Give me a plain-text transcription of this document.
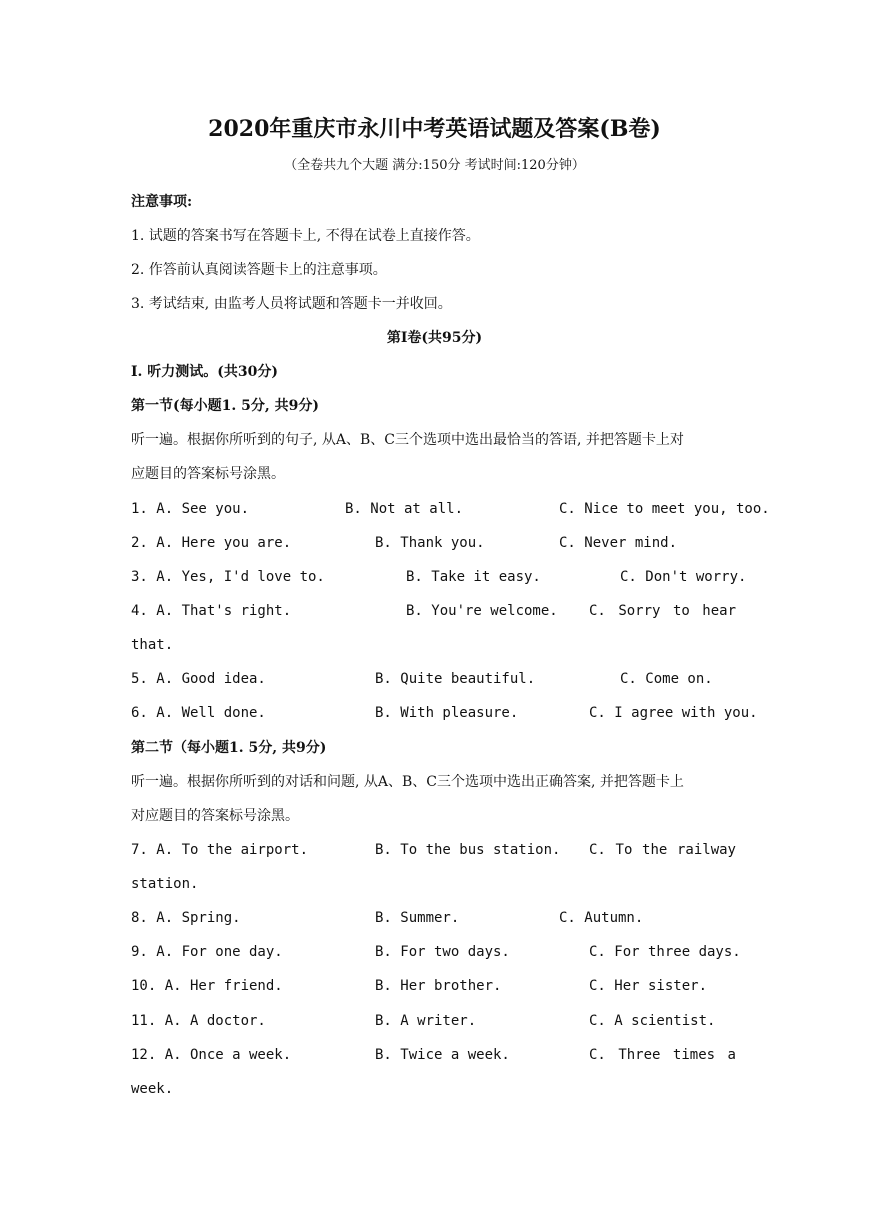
2020年重庆市永川中考英语试题及答案(B卷)
（全卷共九个大题 满分:150分 考试时间:120分钟）
注意事项:
1. 试题的答案书写在答题卡上, 不得在试卷上直接作答。
2. 作答前认真阅读答题卡上的注意事项。
3. 考试结束, 由监考人员将试题和答题卡一并收回。
第Ⅰ卷(共95分)
I. 听力测试。(共30分)
第一节(每小题1. 5分, 共9分)
听一遍。根据你所听到的句子, 从A、B、C三个选项中选出最恰当的答语, 并把答题卡上对
应题目的答案标号涂黑。
1. A. See you.	B. Not at all.	C. Nice to meet you, too.
2. A. Here you are.	B. Thank you.	C. Never mind.
3. A. Yes, I'd love to.	B. Take it easy.	C. Don't worry.
4. A. That's right.	B. You're welcome. C. Sorry to hear
that.
5. A. Good idea.	B. Quite beautiful.	C. Come on.
6. A. Well done.	B. With pleasure.	C. I agree with you.
第二节（每小题1. 5分, 共9分)
听一遍。根据你所听到的对话和问题, 从A、B、C三个选项中选出正确答案, 并把答题卡上
对应题目的答案标号涂黑。
7. A. To the airport.	B. To the bus station. C. To the railway
station.
8. A. Spring.	B. Summer.	C. Autumn.
9. A. For one day.	B. For two days.	C. For three days.
10. A. Her friend.	B. Her brother.	C. Her sister.
11. A. A doctor.	B. A writer.	C. A scientist.
12. A. Once a week.	B. Twice a week.	C. Three times a
week.
